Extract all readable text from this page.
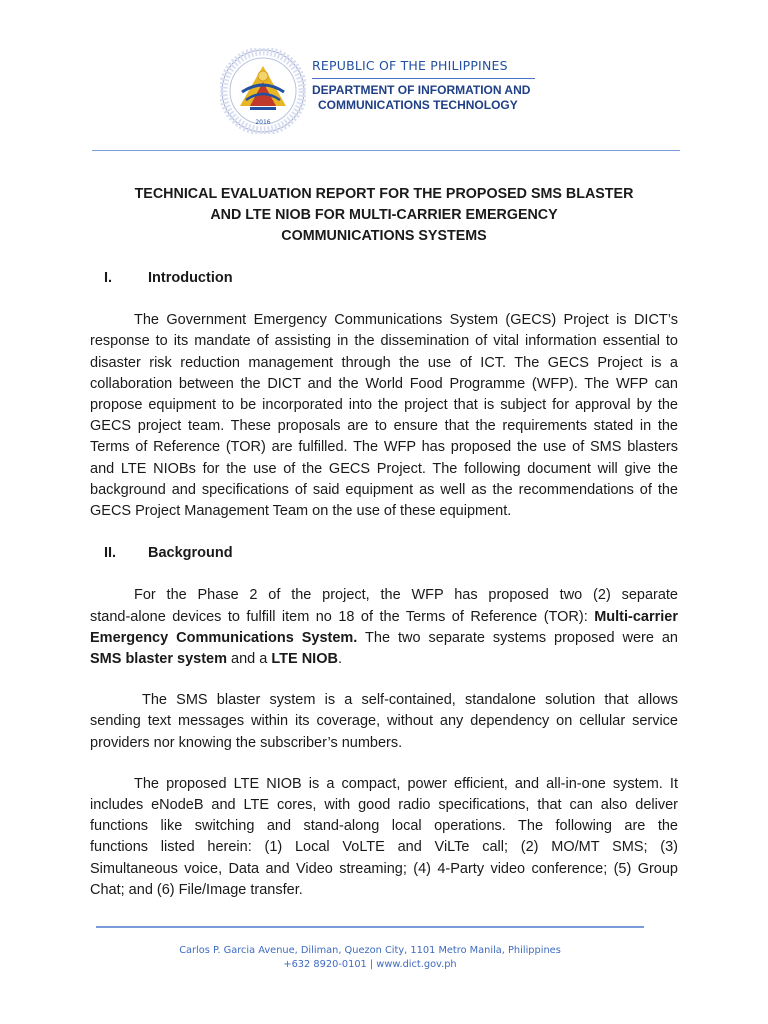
2016

REPUBLIC OF THE PHILIPPINES

DEPARTMENT OF INFORMATION AND
COMMUNICATIONS TECHNOLOGY
TECHNICAL EVALUATION REPORT FOR THE PROPOSED SMS BLASTER
AND LTE NIOB FOR MULTI-CARRIER EMERGENCY
COMMUNICATIONS SYSTEMS

I. Introduction

The Government Emergency Communications System (GECS) Project is DICT’s
response to its mandate of assisting in the dissemination of vital information essential to
disaster risk reduction management through the use of ICT. The GECS Project is a
collaboration between the DICT and the World Food Programme (WFP). The WFP can
propose equipment to be incorporated into the project that is subject for approval by the
GECS project team. These proposals are to ensure that the requirements stated in the
Terms of Reference (TOR) are fulfilled. The WFP has proposed the use of SMS blasters
and LTE NIOBs for the use of the GECS Project. The following document will give the
background and specifications of said equipment as well as the recommendations of the
GECS Project Management Team on the use of these equipment.

II. Background

For the Phase 2 of the project, the WFP has proposed two (2) separate
stand-alone devices to fulfill item no 18 of the Terms of Reference (TOR): Multi-carrier
Emergency Communications System. The two separate systems proposed were an
SMS blaster system and a LTE NIOB.

The SMS blaster system is a self-contained, standalone solution that allows
sending text messages within its coverage, without any dependency on cellular service
providers nor knowing the subscriber’s numbers.

The proposed LTE NIOB is a compact, power efficient, and all-in-one system. It
includes eNodeB and LTE cores, with good radio specifications, that can also deliver
functions like switching and stand-along local operations. The following are the
functions listed herein: (1) Local VoLTE and ViLTe call; (2) MO/MT SMS; (3)
Simultaneous voice, Data and Video streaming; (4) 4-Party video conference; (5) Group
Chat; and (6) File/Image transfer.

Carlos P. Garcia Avenue, Diliman, Quezon City, 1101 Metro Manila, Philippines
+632 8920-0101 | www.dict.gov.ph
